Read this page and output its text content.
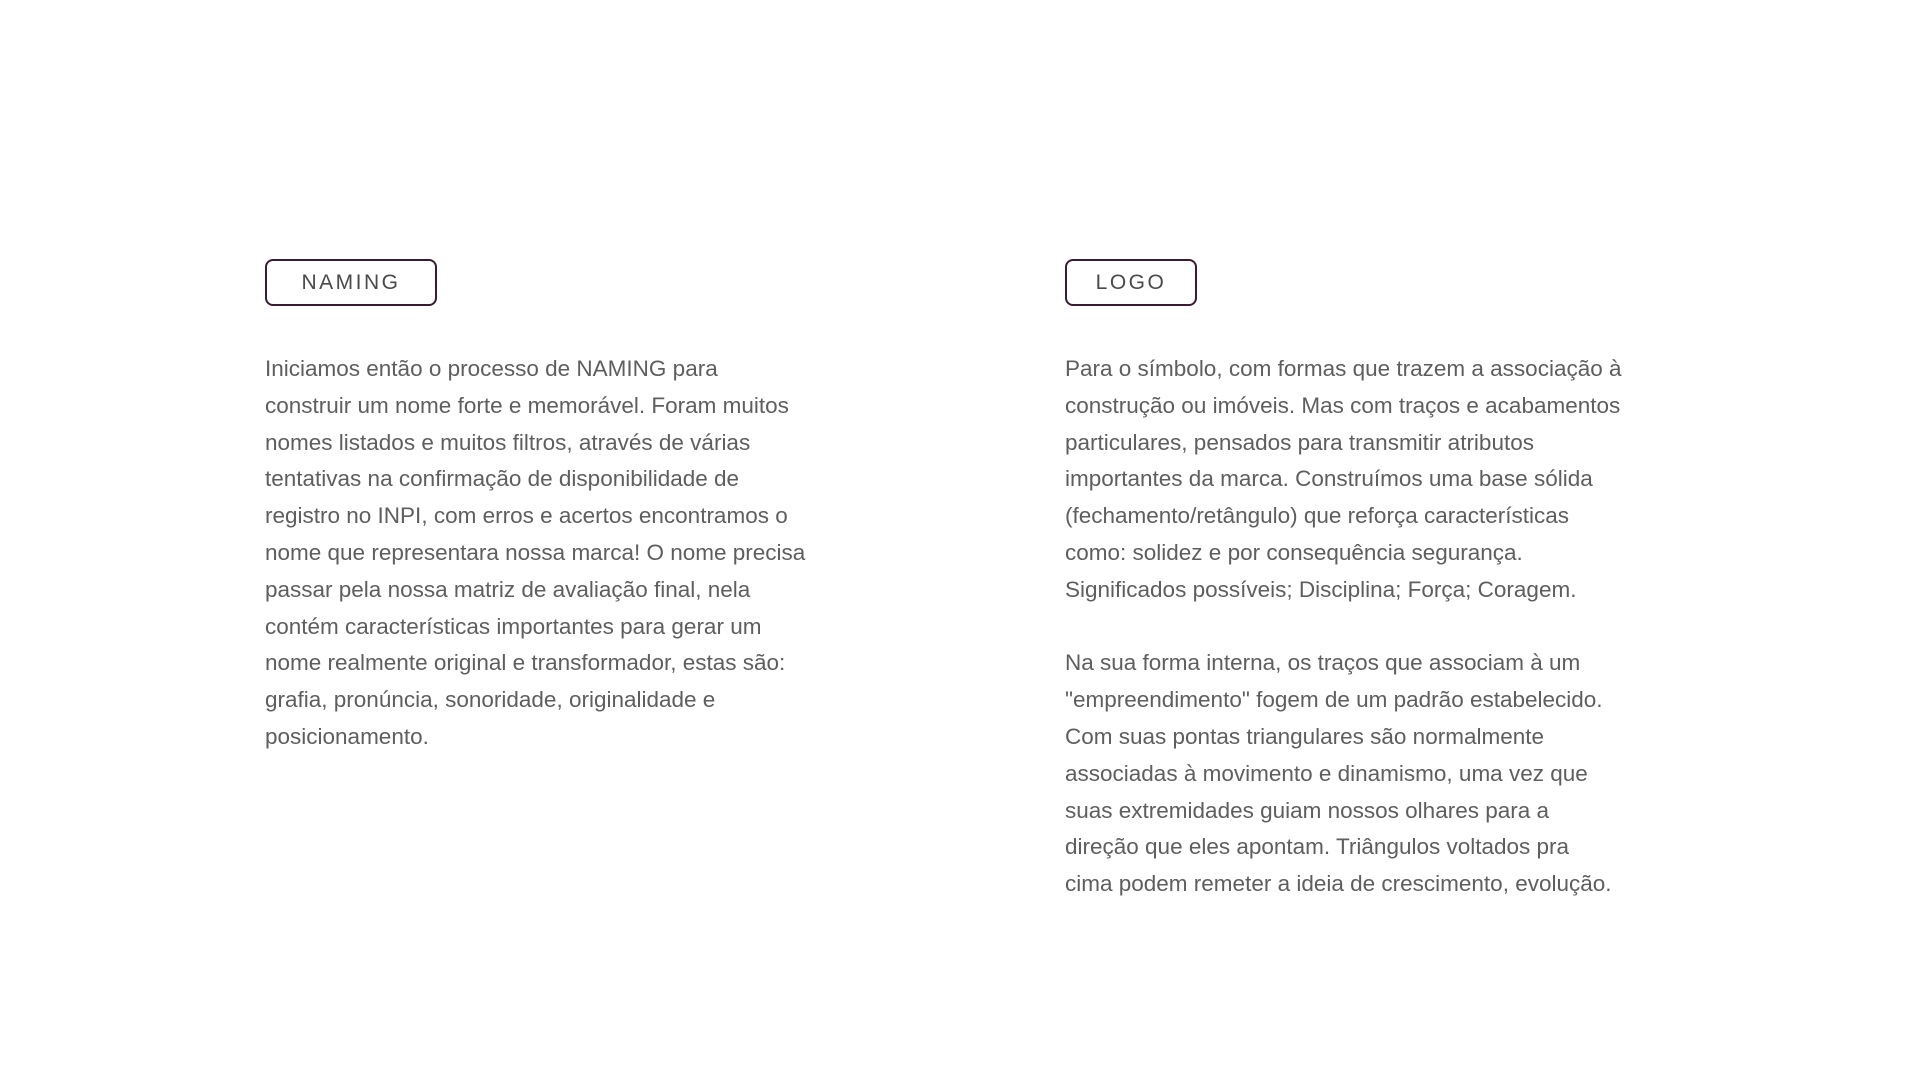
NAMING

Iniciamos então o processo de NAMING para
construir um nome forte e memorável. Foram muitos
nomes listados e muitos filtros, através de várias
tentativas na confirmação de disponibilidade de
registro no INPI, com erros e acertos encontramos o
nome que representara nossa marca! O nome precisa
passar pela nossa matriz de avaliação final, nela
contém características importantes para gerar um
nome realmente original e transformador, estas são:
grafia, pronúncia, sonoridade, originalidade e
posicionamento.

LOGO

Para o símbolo, com formas que trazem a associação à
construção ou imóveis. Mas com traços e acabamentos
particulares, pensados para transmitir atributos
importantes da marca. Construímos uma base sólida
(fechamento/retângulo) que reforça características
como: solidez e por consequência segurança.
Significados possíveis; Disciplina; Força; Coragem.

Na sua forma interna, os traços que associam à um
"empreendimento" fogem de um padrão estabelecido.
Com suas pontas triangulares são normalmente
associadas à movimento e dinamismo, uma vez que
suas extremidades guiam nossos olhares para a
direção que eles apontam. Triângulos voltados pra
cima podem remeter a ideia de crescimento, evolução.
